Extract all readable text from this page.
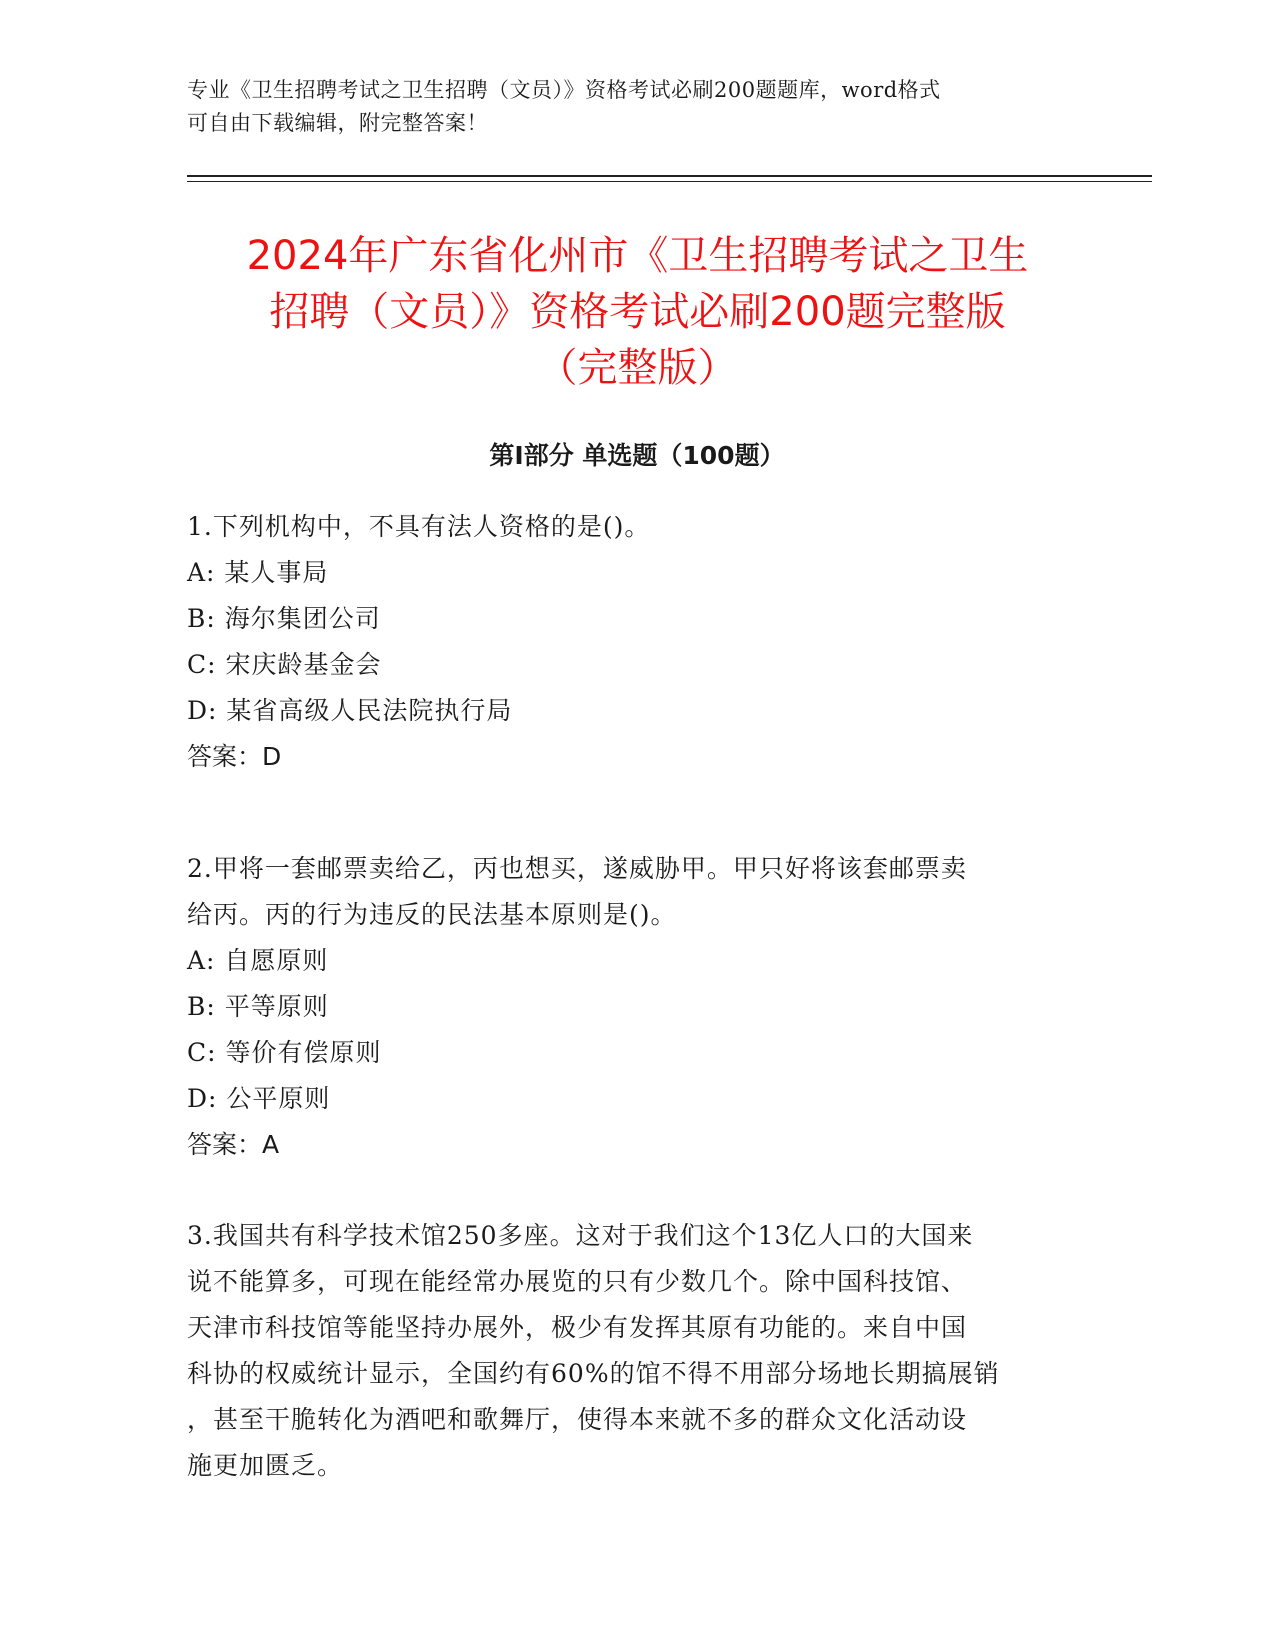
专业《卫生招聘考试之卫生招聘（文员）》资格考试必刷200题题库，word格式
可自由下载编辑，附完整答案！
2024年广东省化州市《卫生招聘考试之卫生
招聘（文员）》资格考试必刷200题完整版
（完整版）
第I部分 单选题（100题）

1.下列机构中，不具有法人资格的是()。

A: 某人事局

B: 海尔集团公司

C: 宋庆龄基金会

D: 某省高级人民法院执行局

答案：D

2.甲将一套邮票卖给乙，丙也想买，遂威胁甲。甲只好将该套邮票卖

给丙。丙的行为违反的民法基本原则是()。

A: 自愿原则

B: 平等原则

C: 等价有偿原则

D: 公平原则

答案：A

3.我国共有科学技术馆250多座。这对于我们这个13亿人口的大国来

说不能算多，可现在能经常办展览的只有少数几个。除中国科技馆、

天津市科技馆等能坚持办展外，极少有发挥其原有功能的。来自中国

科协的权威统计显示，全国约有60%的馆不得不用部分场地长期搞展销

，甚至干脆转化为酒吧和歌舞厅，使得本来就不多的群众文化活动设

施更加匮乏。
